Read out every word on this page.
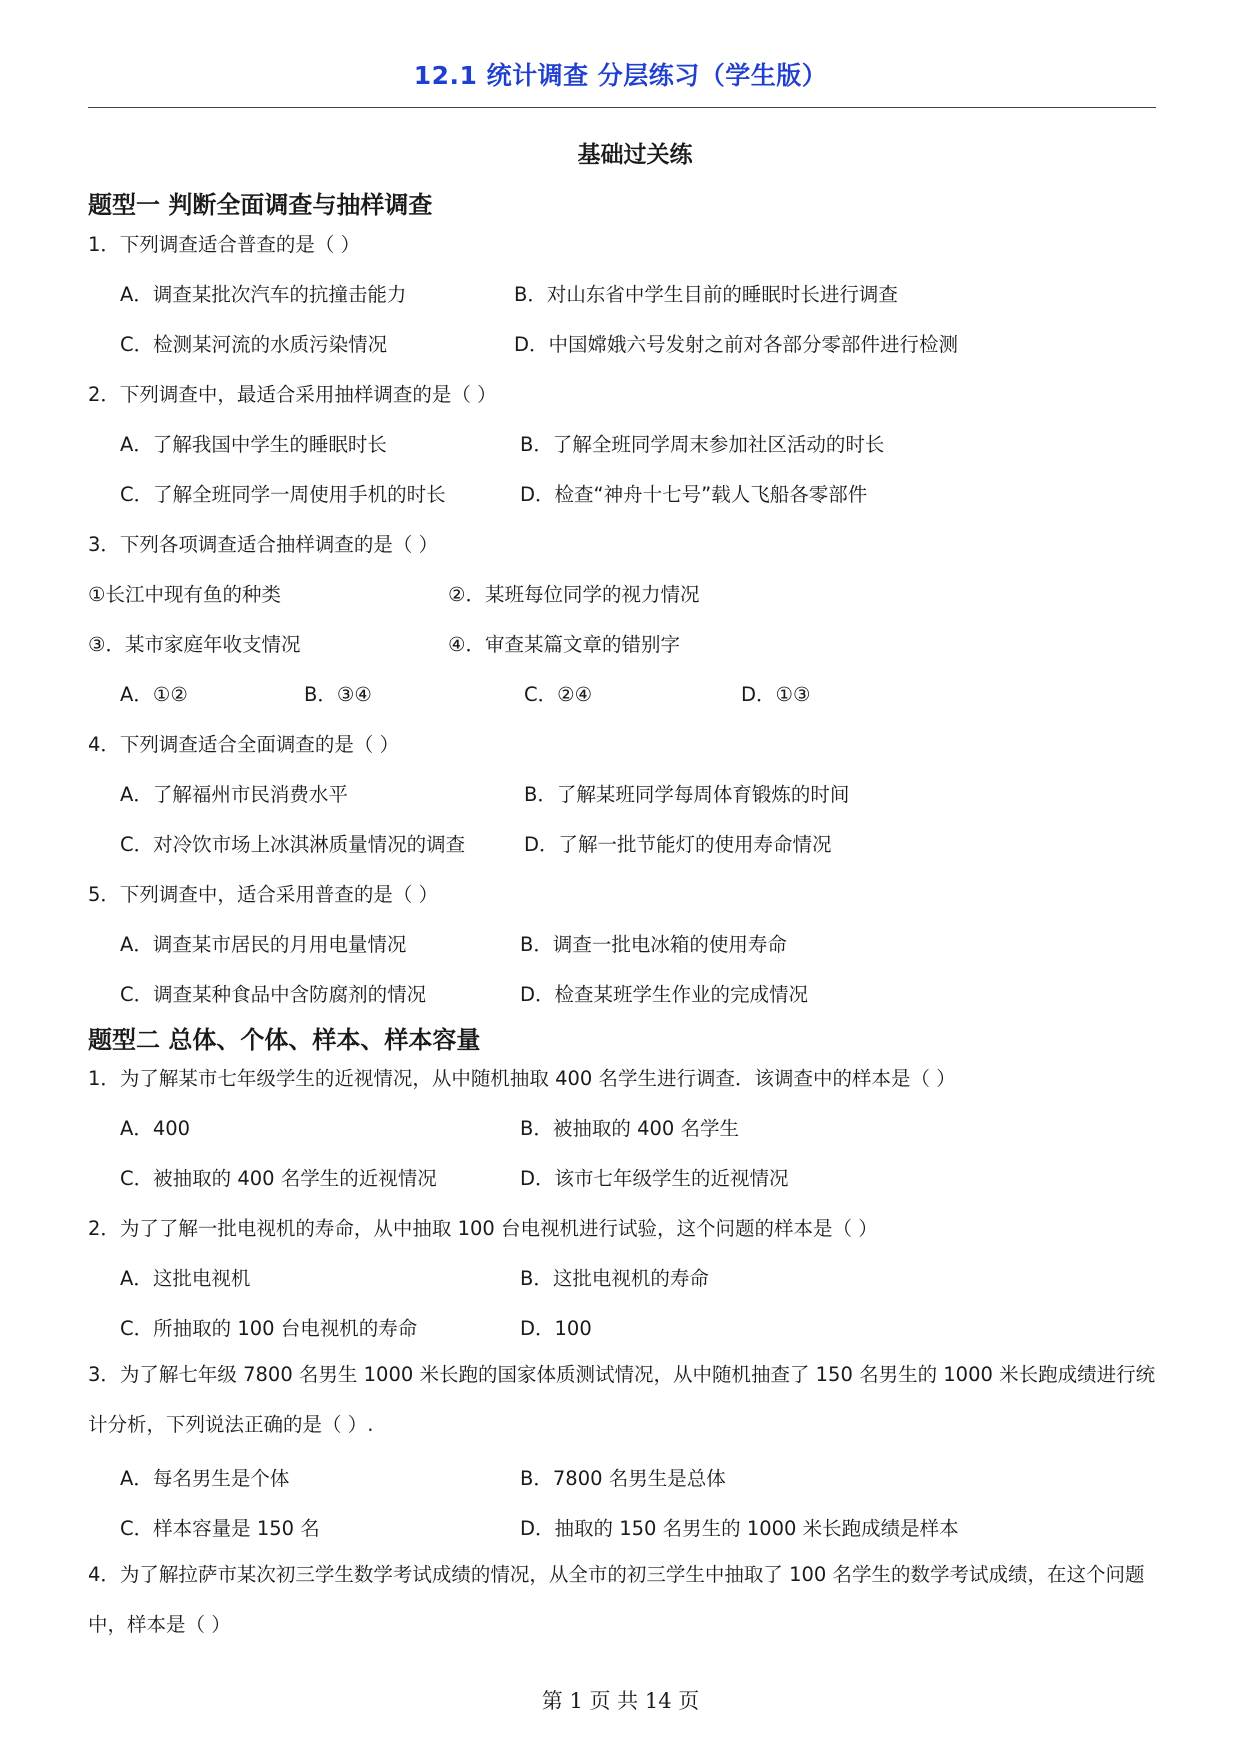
12.1 统计调查 分层练习（学生版）
基础过关练
题型一 判断全面调查与抽样调查
1．下列调查适合普查的是（ ）
A．调查某批次汽车的抗撞击能力	B．对山东省中学生目前的睡眠时长进行调查
C．检测某河流的水质污染情况	D．中国嫦娥六号发射之前对各部分零部件进行检测
2．下列调查中，最适合采用抽样调查的是（ ）
A．了解我国中学生的睡眠时长	B．了解全班同学周末参加社区活动的时长
C．了解全班同学一周使用手机的时长	D．检查“神舟十七号”载人飞船各零部件
3．下列各项调查适合抽样调查的是（ ）
①长江中现有鱼的种类	②．某班每位同学的视力情况
③．某市家庭年收支情况	④．审查某篇文章的错别字
A．①②	B．③④	C．②④	D．①③
4．下列调查适合全面调查的是（ ）
A．了解福州市民消费水平	B．了解某班同学每周体育锻炼的时间
C．对冷饮市场上冰淇淋质量情况的调查	D．了解一批节能灯的使用寿命情况
5．下列调查中，适合采用普查的是（ ）
A．调查某市居民的月用电量情况	B．调查一批电冰箱的使用寿命
C．调查某种食品中含防腐剂的情况	D．检查某班学生作业的完成情况
题型二 总体、个体、样本、样本容量
1．为了解某市七年级学生的近视情况，从中随机抽取 400 名学生进行调查．该调查中的样本是（ ）
A．400	B．被抽取的 400 名学生
C．被抽取的 400 名学生的近视情况	D．该市七年级学生的近视情况
2．为了了解一批电视机的寿命，从中抽取 100 台电视机进行试验，这个问题的样本是（ ）
A．这批电视机	B．这批电视机的寿命
C．所抽取的 100 台电视机的寿命	D．100
3．为了解七年级 7800 名男生 1000 米长跑的国家体质测试情况，从中随机抽查了 150 名男生的 1000 米长跑成绩进行统计分析，下列说法正确的是（ ）.
A．每名男生是个体	B．7800 名男生是总体
C．样本容量是 150 名	D．抽取的 150 名男生的 1000 米长跑成绩是样本
4．为了解拉萨市某次初三学生数学考试成绩的情况，从全市的初三学生中抽取了 100 名学生的数学考试成绩，在这个问题中，样本是（ ）
第 1 页 共 14 页
